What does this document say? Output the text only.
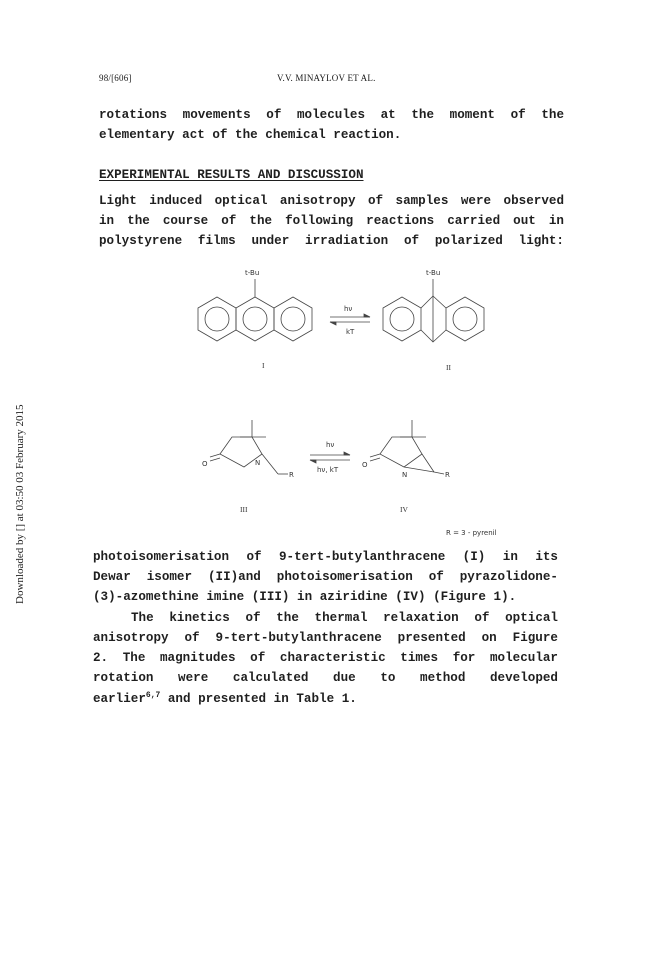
98/[606]	V.V. MINAYLOV ET AL.
Downloaded by [] at 03:50 03 February 2015
rotations movements of molecules at the moment of the
elementary act of the chemical reaction.
EXPERIMENTAL RESULTS AND DISCUSSION
Light induced optical anisotropy of samples were observed
in the course of the following reactions carried out in
polystyrene films under irradiation of polarized light:
t-Bu
hν
kT
t-Bu
I	II
O	N
R
hν
hν, kT
O
N	R
III	IV
R = 3 - pyrenil
photoisomerisation of 9-tert-butylanthracene (I) in its
Dewar isomer (II)and photoisomerisation of pyrazolidone-
(3)-azomethine imine (III) in aziridine (IV) (Figure 1).
The kinetics of the thermal relaxation of optical
anisotropy of 9-tert-butylanthracene presented on Figure
2. The magnitudes of characteristic times for molecular
rotation were calculated due to method developed
earlier$^{6,7}$ and presented in Table 1.
